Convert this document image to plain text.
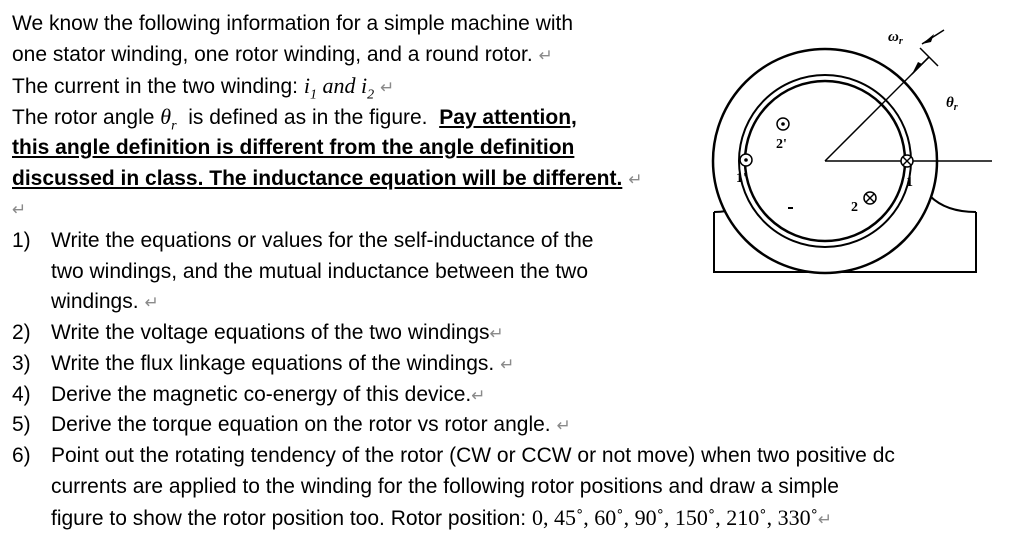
We know the following information for a simple machine with
one stator winding, one rotor winding, and a round rotor. ↵
The current in the two winding: $i_1$ and $i_2$ ↵
The rotor angle $\theta_r$  is defined as in the figure.  Pay attention,
this angle definition is different from the angle definition
discussed in class. The inductance equation will be different. ↵
↵
1) Write the equations or values for the self-inductance of the
two windings, and the mutual inductance between the two
windings. ↵
2) Write the voltage equations of the two windings↵
3) Write the flux linkage equations of the windings. ↵
4) Derive the magnetic co-energy of this device.↵
5) Derive the torque equation on the rotor vs rotor angle. ↵
6) Point out the rotating tendency of the rotor (CW or CCW or not move) when two positive dc
currents are applied to the winding for the following rotor positions and draw a simple
figure to show the rotor position too. Rotor position: 0, 45˚, 60˚, 90˚, 150˚, 210˚, 330˚↵
$\omega_r$
$\theta_r$
2'
1'	1
2
